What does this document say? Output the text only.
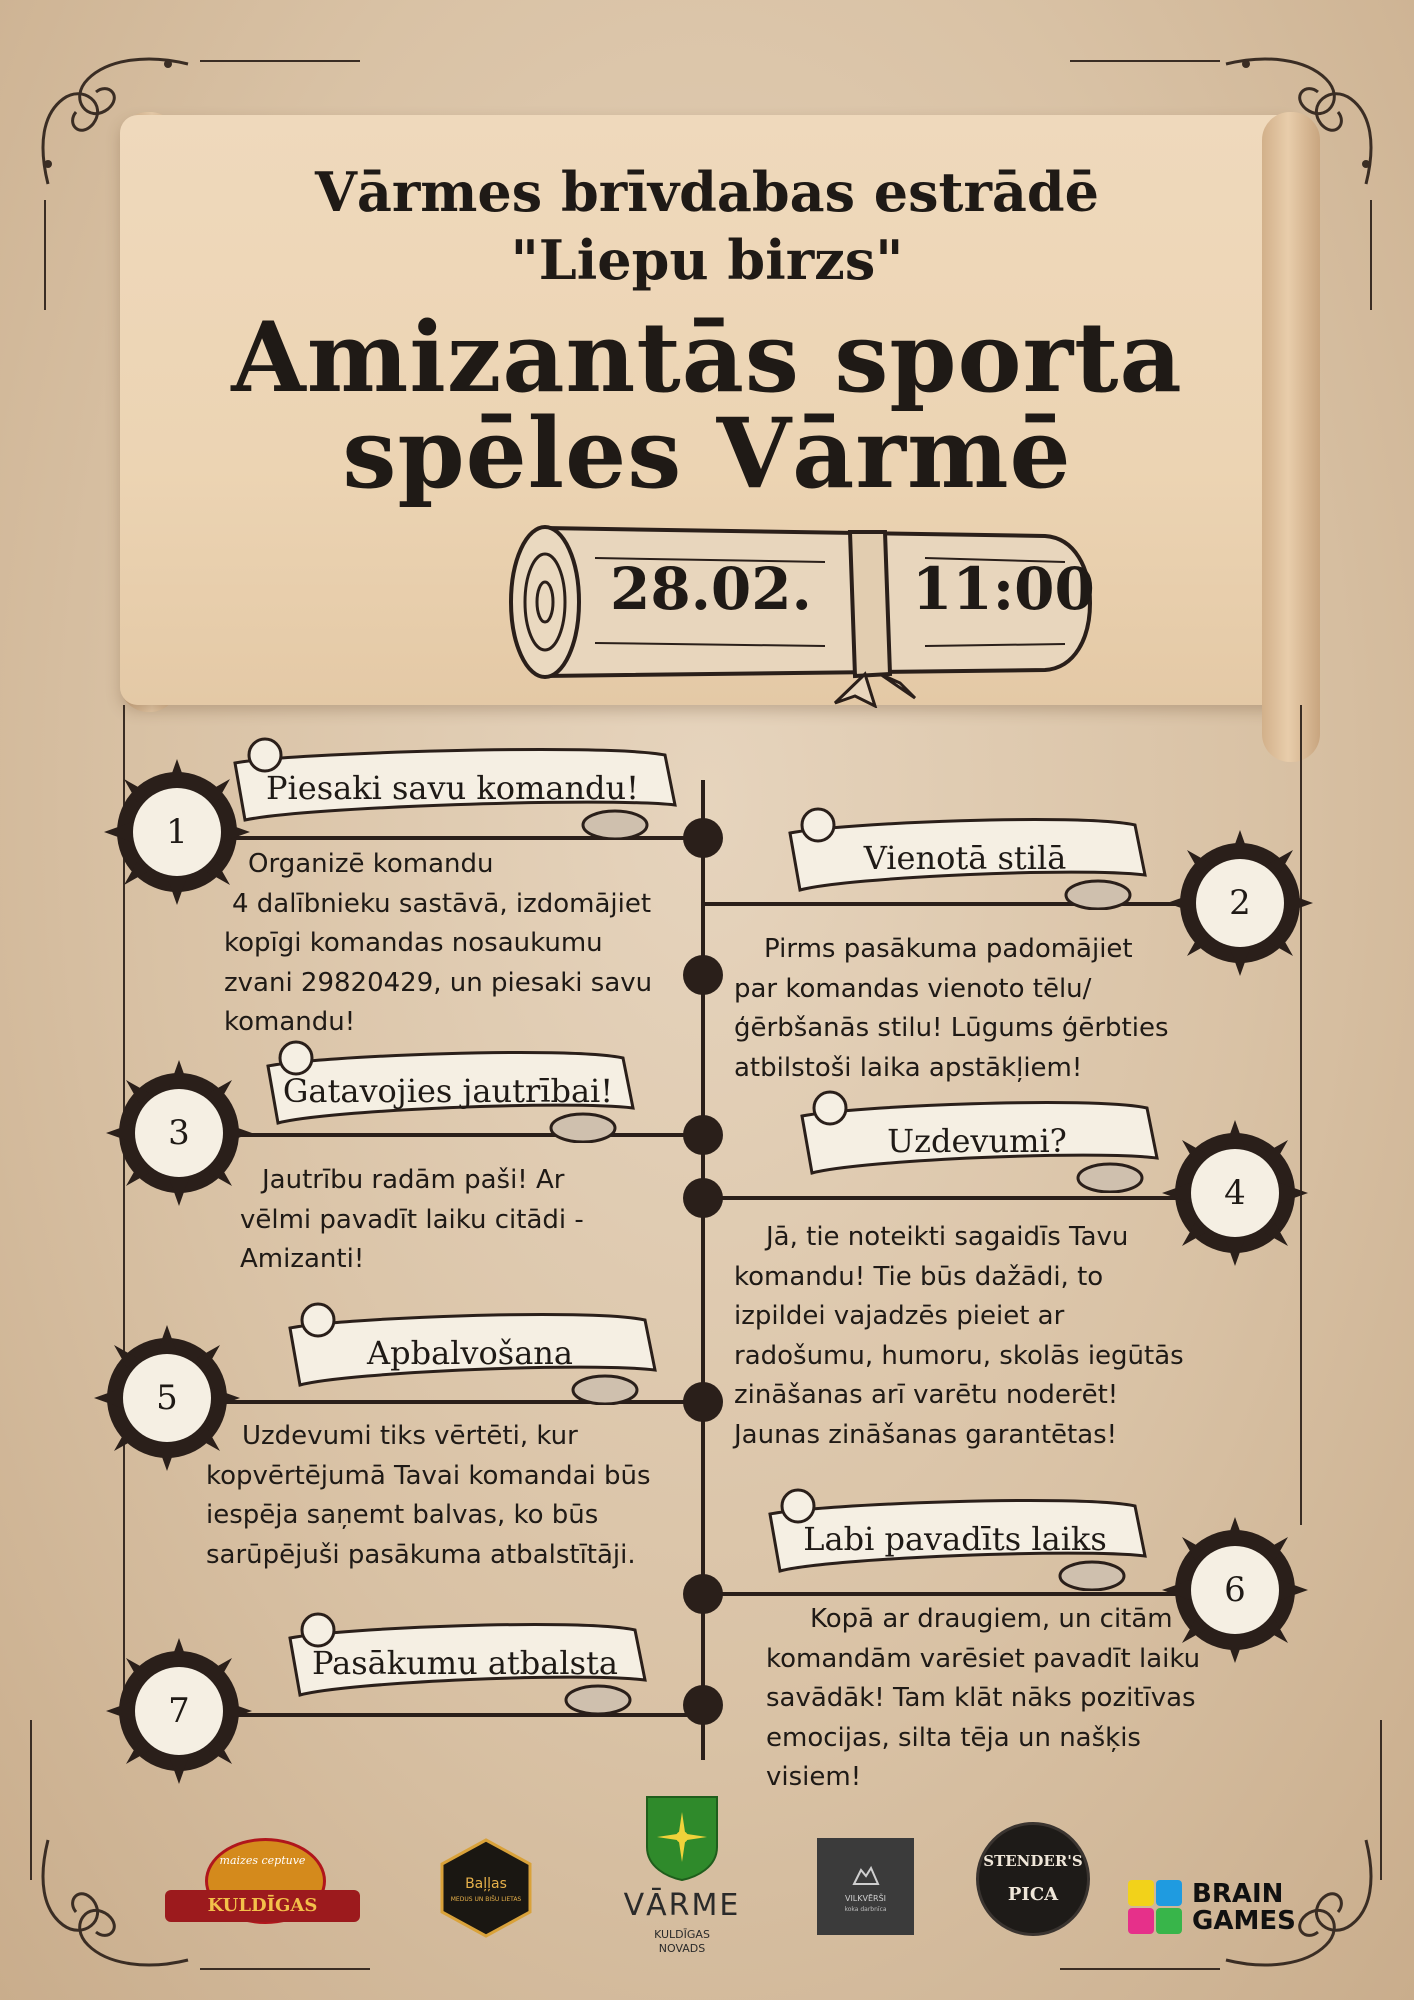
Vārmes brīvdabas estrādē
"Liepu birzs"
Amizantās sporta
spēles Vārmē
28.02. 11:00
1
Piesaki savu komandu!
Organizē komandu
4 dalībnieku sastāvā, izdomājiet
kopīgi komandas nosaukumu
zvani 29820429, un piesaki savu
komandu!
2
Vienotā stilā
Pirms pasākuma padomājiet
par komandas vienoto tēlu/
ģērbšanās stilu! Lūgums ģērbties
atbilstoši laika apstākļiem!
3
Gatavojies jautrībai!
Jautrību radām paši! Ar
vēlmi pavadīt laiku citādi -
Amizanti!
4
Uzdevumi?
Jā, tie noteikti sagaidīs Tavu
komandu! Tie būs dažādi, to
izpildei vajadzēs pieiet ar
radošumu, humoru, skolās iegūtās
zināšanas arī varētu noderēt!
Jaunas zināšanas garantētas!
5
Apbalvošana
Uzdevumi tiks vērtēti, kur
kopvērtējumā Tavai komandai būs
iespēja saņemt balvas, ko būs
sarūpējuši pasākuma atbalstītāji.
6
Labi pavadīts laiks
Kopā ar draugiem, un citām
komandām varēsiet pavadīt laiku
savādāk! Tam klāt nāks pozitīvas
emocijas, silta tēja un našķis
visiem!
7
Pasākumu atbalsta
maizes ceptuve
KULDĪGAS
Baļļas
MEDUS UN BIŠU LIETAS	VĀRME
KULDĪGAS
NOVADS
VILKVĒRŠI
koka darbnīca
STENDER'S
PICA	BRAIN
GAMES
